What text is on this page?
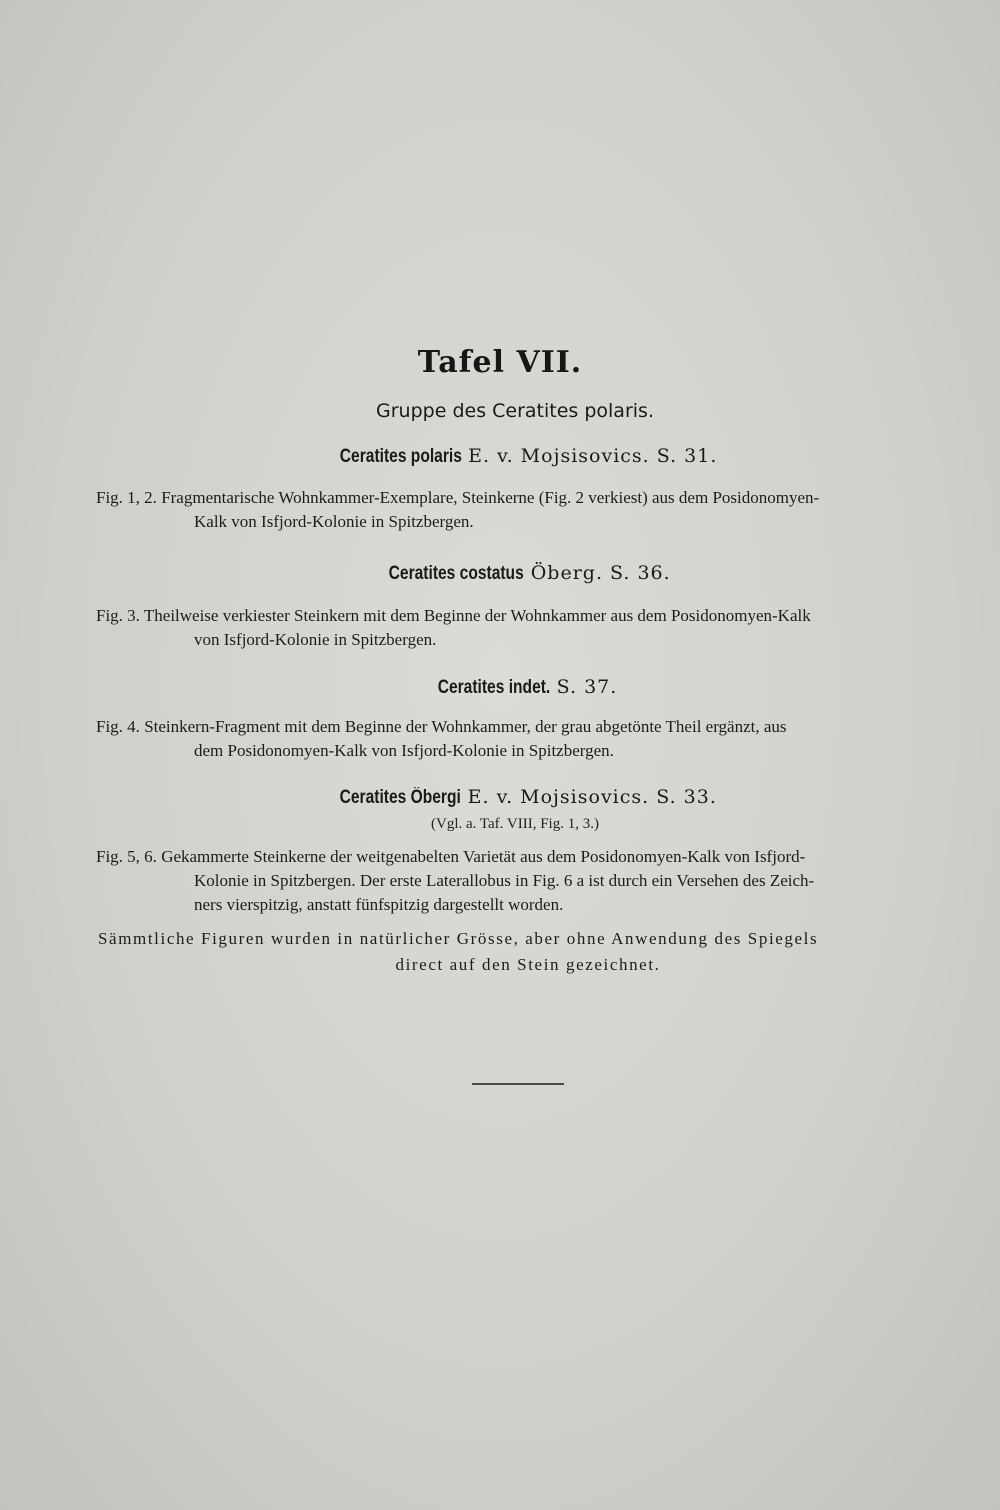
Tafel VII.
Gruppe des Ceratites polaris.
Ceratites polaris E. v. Mojsisovics. S. 31.
Fig. 1, 2. Fragmentarische Wohnkammer-Exemplare, Steinkerne (Fig. 2 verkiest) aus dem Posidonomyen-
Kalk von Isfjord-Kolonie in Spitzbergen.
Ceratites costatus Öberg. S. 36.
Fig. 3. Theilweise verkiester Steinkern mit dem Beginne der Wohnkammer aus dem Posidonomyen-Kalk
von Isfjord-Kolonie in Spitzbergen.
Ceratites indet. S. 37.
Fig. 4. Steinkern-Fragment mit dem Beginne der Wohnkammer, der grau abgetönte Theil ergänzt, aus
dem Posidonomyen-Kalk von Isfjord-Kolonie in Spitzbergen.
Ceratites Öbergi E. v. Mojsisovics. S. 33.
(Vgl. a. Taf. VIII, Fig. 1, 3.)
Fig. 5, 6. Gekammerte Steinkerne der weitgenabelten Varietät aus dem Posidonomyen-Kalk von Isfjord-
Kolonie in Spitzbergen. Der erste Laterallobus in Fig. 6 a ist durch ein Versehen des Zeich-
ners vierspitzig, anstatt fünfspitzig dargestellt worden.
Sämmtliche Figuren wurden in natürlicher Grösse, aber ohne Anwendung des Spiegels
direct auf den Stein gezeichnet.
